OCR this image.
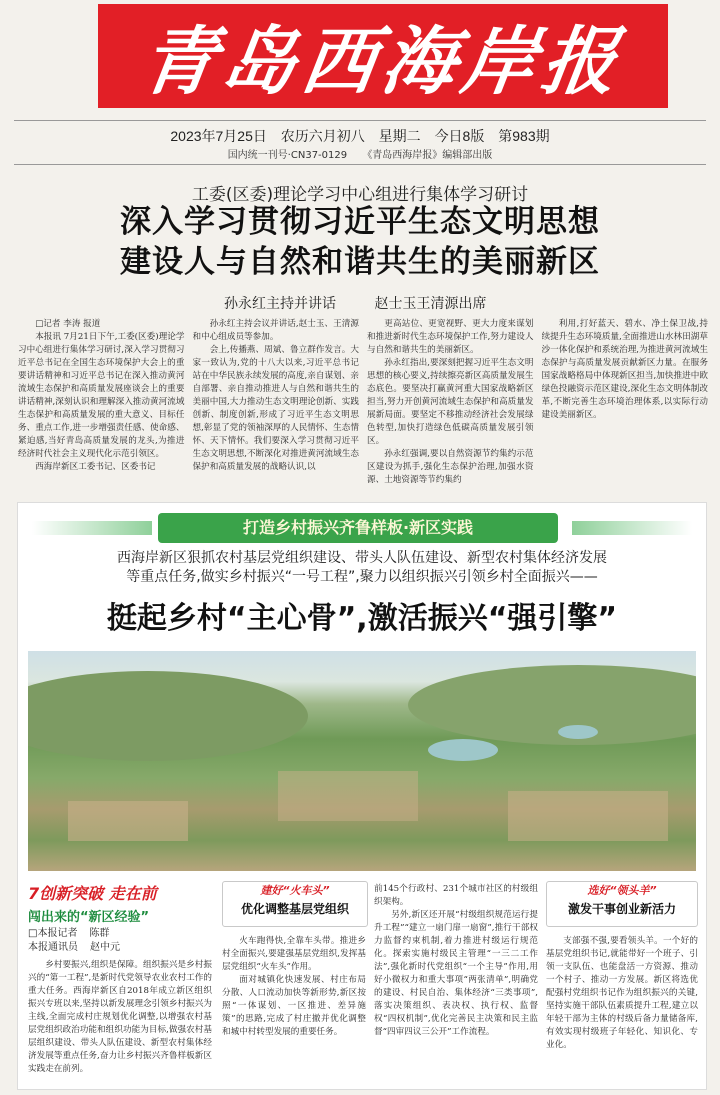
青岛西海岸报
2023年7月25日 农历六月初八 星期二 今日8版 第983期
国内统一刊号·CN37-0129 《青岛西海岸报》编辑部出版
工委(区委)理论学习中心组进行集体学习研讨
深入学习贯彻习近平生态文明思想
建设人与自然和谐共生的美丽新区
孙永红主持并讲话	赵士玉王清源出席

□记者 李涛 报道

本报讯 7月21日下午,工委(区委)理论学习中心组进行集体学习研讨,深入学习贯彻习近平总书记在全国生态环境保护大会上的重要讲话精神和习近平总书记在深入推动黄河流域生态保护和高质量发展座谈会上的重要讲话精神,深刻认识和理解深入推动黄河流域生态保护和高质量发展的重大意义、目标任务、重点工作,进一步增强责任感、使命感、紧迫感,当好青岛高质量发展的龙头,为推进经济时代社会主义现代化示范引领区。

西海岸新区工委书记、区委书记

孙永红主持会议并讲话,赵士玉、王清源和中心组成员等参加。

会上,传播燕、周斌、鲁立群作发言。大家一致认为,党的十八大以来,习近平总书记站在中华民族永续发展的高度,亲自谋划、亲自部署、亲自推动推进人与自然和谐共生的美丽中国,大力推动生态文明理论创新、实践创新、制度创新,形成了习近平生态文明思想,彰显了党的领袖深厚的人民情怀、生态情怀、天下情怀。我们要深入学习贯彻习近平生态文明思想,不断深化对推进黄河流域生态保护和高质量发展的战略认识,以

更高站位、更宽视野、更大力度来谋划和推进新时代生态环境保护工作,努力建设人与自然和谐共生的美丽新区。

孙永红指出,要深刻把握习近平生态文明思想的核心要义,持续擦亮新区高质量发展生态底色。要坚决打赢黄河重大国家战略新区担当,努力开创黄河流域生态保护和高质量发展新局面。要坚定不移推动经济社会发展绿色转型,加快打造绿色低碳高质量发展引领区。

孙永红强调,要以自然资源节约集约示范区建设为抓手,强化生态保护治理,加强水资源、土地资源等节约集约

利用,打好蓝天、碧水、净土保卫战,持续提升生态环境质量,全面推进山水林田湖草沙一体化保护和系统治理,为推进黄河流域生态保护与高质量发展贡献新区力量。在服务国家战略格局中体现新区担当,加快推进中欧绿色投融资示范区建设,深化生态文明体制改革,不断完善生态环境治理体系,以实际行动建设美丽新区。

打造乡村振兴齐鲁样板·新区实践
西海岸新区狠抓农村基层党组织建设、带头人队伍建设、新型农村集体经济发展
等重点任务,做实乡村振兴“一号工程”,聚力以组织振兴引领乡村全面振兴——
挺起乡村“主心骨”,激活振兴“强引擎”
7创新突破 走在前
闯出来的“新区经验”
□本报记者 陈群
本报通讯员 赵中元

乡村要振兴,组织是保障。组织振兴是乡村振兴的“第一工程”,是新时代党领导农业农村工作的重大任务。西海岸新区自2018年成立新区组织振兴专班以来,坚持以新发展理念引领乡村振兴为主线,全面完成村庄规划优化调整,以增强农村基层党组织政治功能和组织功能为目标,做强农村基层组织建设、带头人队伍建设、新型农村集体经济发展等重点任务,奋力让乡村振兴齐鲁样板新区实践走在前列。

建好“火车头”
优化调整基层党组织

火车跑得快,全靠车头带。推进乡村全面振兴,要建强基层党组织,发挥基层党组织“火车头”作用。

面对城镇化快速发展、村庄布局分散、人口流动加快等新形势,新区按照“一体谋划、一区推进、差异施策”的思路,完成了村庄撤并优化调整和城中村转型发展的重要任务。

前145个行政村、231个城市社区的村级组织架构。

另外,新区还开展“村级组织规范运行提升工程”“建立一扇门扉一扇窗”,推行干部权力监督约束机制,着力推进村级运行规范化。探索实施村级民主管理“一三二工作法”,强化新时代党组织“一个主导”作用,用好小微权力和重大事项“两张清单”,明确党的建设、村民自治、集体经济“三类事项”,落实决策组织、表决权、执行权、监督权“四权机制”,优化完善民主决策和民主监督“四审四议三公开”工作流程。

选好“领头羊”
激发干事创业新活力

支部强不强,要看领头羊。一个好的基层党组织书记,就能带好一个班子、引领一支队伍、也能盘活一方资源、推动一个村子、推动一方发展。新区将选优配强村党组织书记作为组织振兴的关键,坚持实施干部队伍素质提升工程,建立以年轻干部为主体的村级后备力量储备库,有效实现村级班子年轻化、知识化、专业化。
